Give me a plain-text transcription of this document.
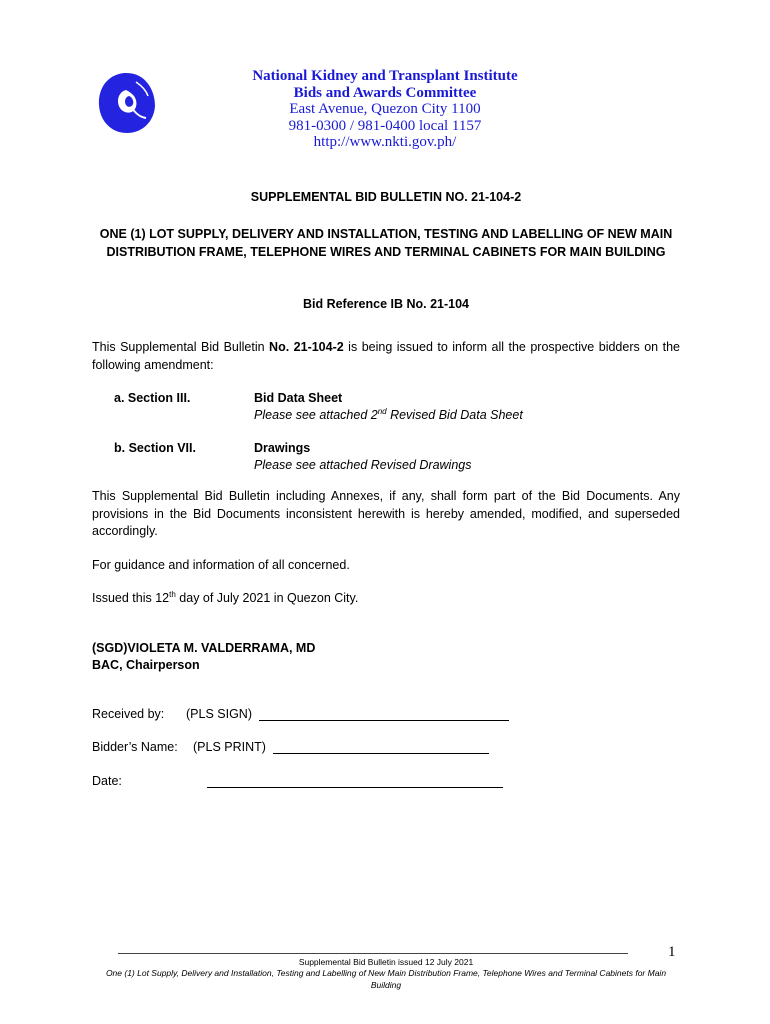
National Kidney and Transplant Institute
Bids and Awards Committee
East Avenue, Quezon City 1100
981-0300 / 981-0400 local 1157
http://www.nkti.gov.ph/
SUPPLEMENTAL BID BULLETIN NO. 21-104-2
ONE (1) LOT SUPPLY, DELIVERY AND INSTALLATION, TESTING AND LABELLING OF NEW MAIN DISTRIBUTION FRAME, TELEPHONE WIRES AND TERMINAL CABINETS FOR MAIN BUILDING
Bid Reference IB No. 21-104
This Supplemental Bid Bulletin No. 21-104-2 is being issued to inform all the prospective bidders on the following amendment:
a. Section III.	Bid Data Sheet
Please see attached 2nd Revised Bid Data Sheet
b. Section VII.	Drawings
Please see attached Revised Drawings
This Supplemental Bid Bulletin including Annexes, if any, shall form part of the Bid Documents. Any provisions in the Bid Documents inconsistent herewith is hereby amended, modified, and superseded accordingly.
For guidance and information of all concerned.
Issued this 12th day of July 2021 in Quezon City.
(SGD)VIOLETA M. VALDERRAMA, MD
BAC, Chairperson
Received by: (PLS SIGN)
Bidder’s Name: (PLS PRINT)
Date:
1
Supplemental Bid Bulletin issued 12 July 2021
One (1) Lot Supply, Delivery and Installation, Testing and Labelling of New Main Distribution Frame, Telephone Wires and Terminal Cabinets for Main Building
